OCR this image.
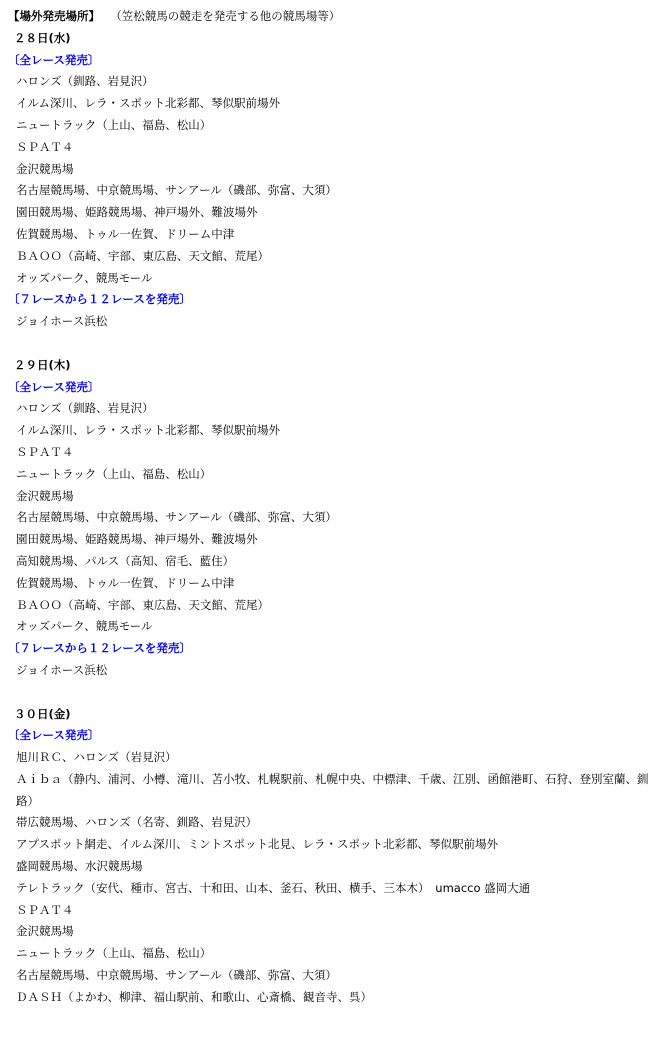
【場外発売場所】 （笠松競馬の競走を発売する他の競馬場等）
２８日(水)
〔全レース発売〕
ハロンズ（釧路、岩見沢）
イルム深川、レラ・スポット北彩都、琴似駅前場外
ニュートラック（上山、福島、松山）
ＳＰＡＴ４
金沢競馬場
名古屋競馬場、中京競馬場、サンアール（磯部、弥富、大須）
園田競馬場、姫路競馬場、神戸場外、難波場外
佐賀競馬場、トゥル一佐賀、ドリーム中津
ＢＡＯＯ（高崎、宇部、東広島、天文館、荒尾）
オッズパーク、競馬モール
〔７レースから１２レースを発売〕
ジョイホース浜松
２９日(木)
〔全レース発売〕
ハロンズ（釧路、岩見沢）
イルム深川、レラ・スポット北彩都、琴似駅前場外
ＳＰＡＴ４
ニュートラック（上山、福島、松山）
金沢競馬場
名古屋競馬場、中京競馬場、サンアール（磯部、弥富、大須）
園田競馬場、姫路競馬場、神戸場外、難波場外
高知競馬場、パルス（高知、宿毛、藍住）
佐賀競馬場、トゥル一佐賀、ドリーム中津
ＢＡＯＯ（高崎、宇部、東広島、天文館、荒尾）
オッズパーク、競馬モール
〔７レースから１２レースを発売〕
ジョイホース浜松
３０日(金)
〔全レース発売〕
旭川ＲＣ、ハロンズ（岩見沢）
Ａｉｂａ（静内、浦河、小樽、滝川、苫小牧、札幌駅前、札幌中央、中標津、千歳、江別、函館港町、石狩、登別室蘭、釧路）
帯広競馬場、ハロンズ（名寄、釧路、岩見沢）
アプスポット網走、イルム深川、ミントスポット北見、レラ・スポット北彩都、琴似駅前場外
盛岡競馬場、水沢競馬場
テレトラック（安代、種市、宮古、十和田、山本、釜石、秋田、横手、三本木）　umacco 盛岡大通
ＳＰＡＴ４
金沢競馬場
ニュートラック（上山、福島、松山）
名古屋競馬場、中京競馬場、サンアール（磯部、弥富、大須）
ＤＡＳＨ（よかわ、柳津、福山駅前、和歌山、心斎橋、観音寺、呉）
